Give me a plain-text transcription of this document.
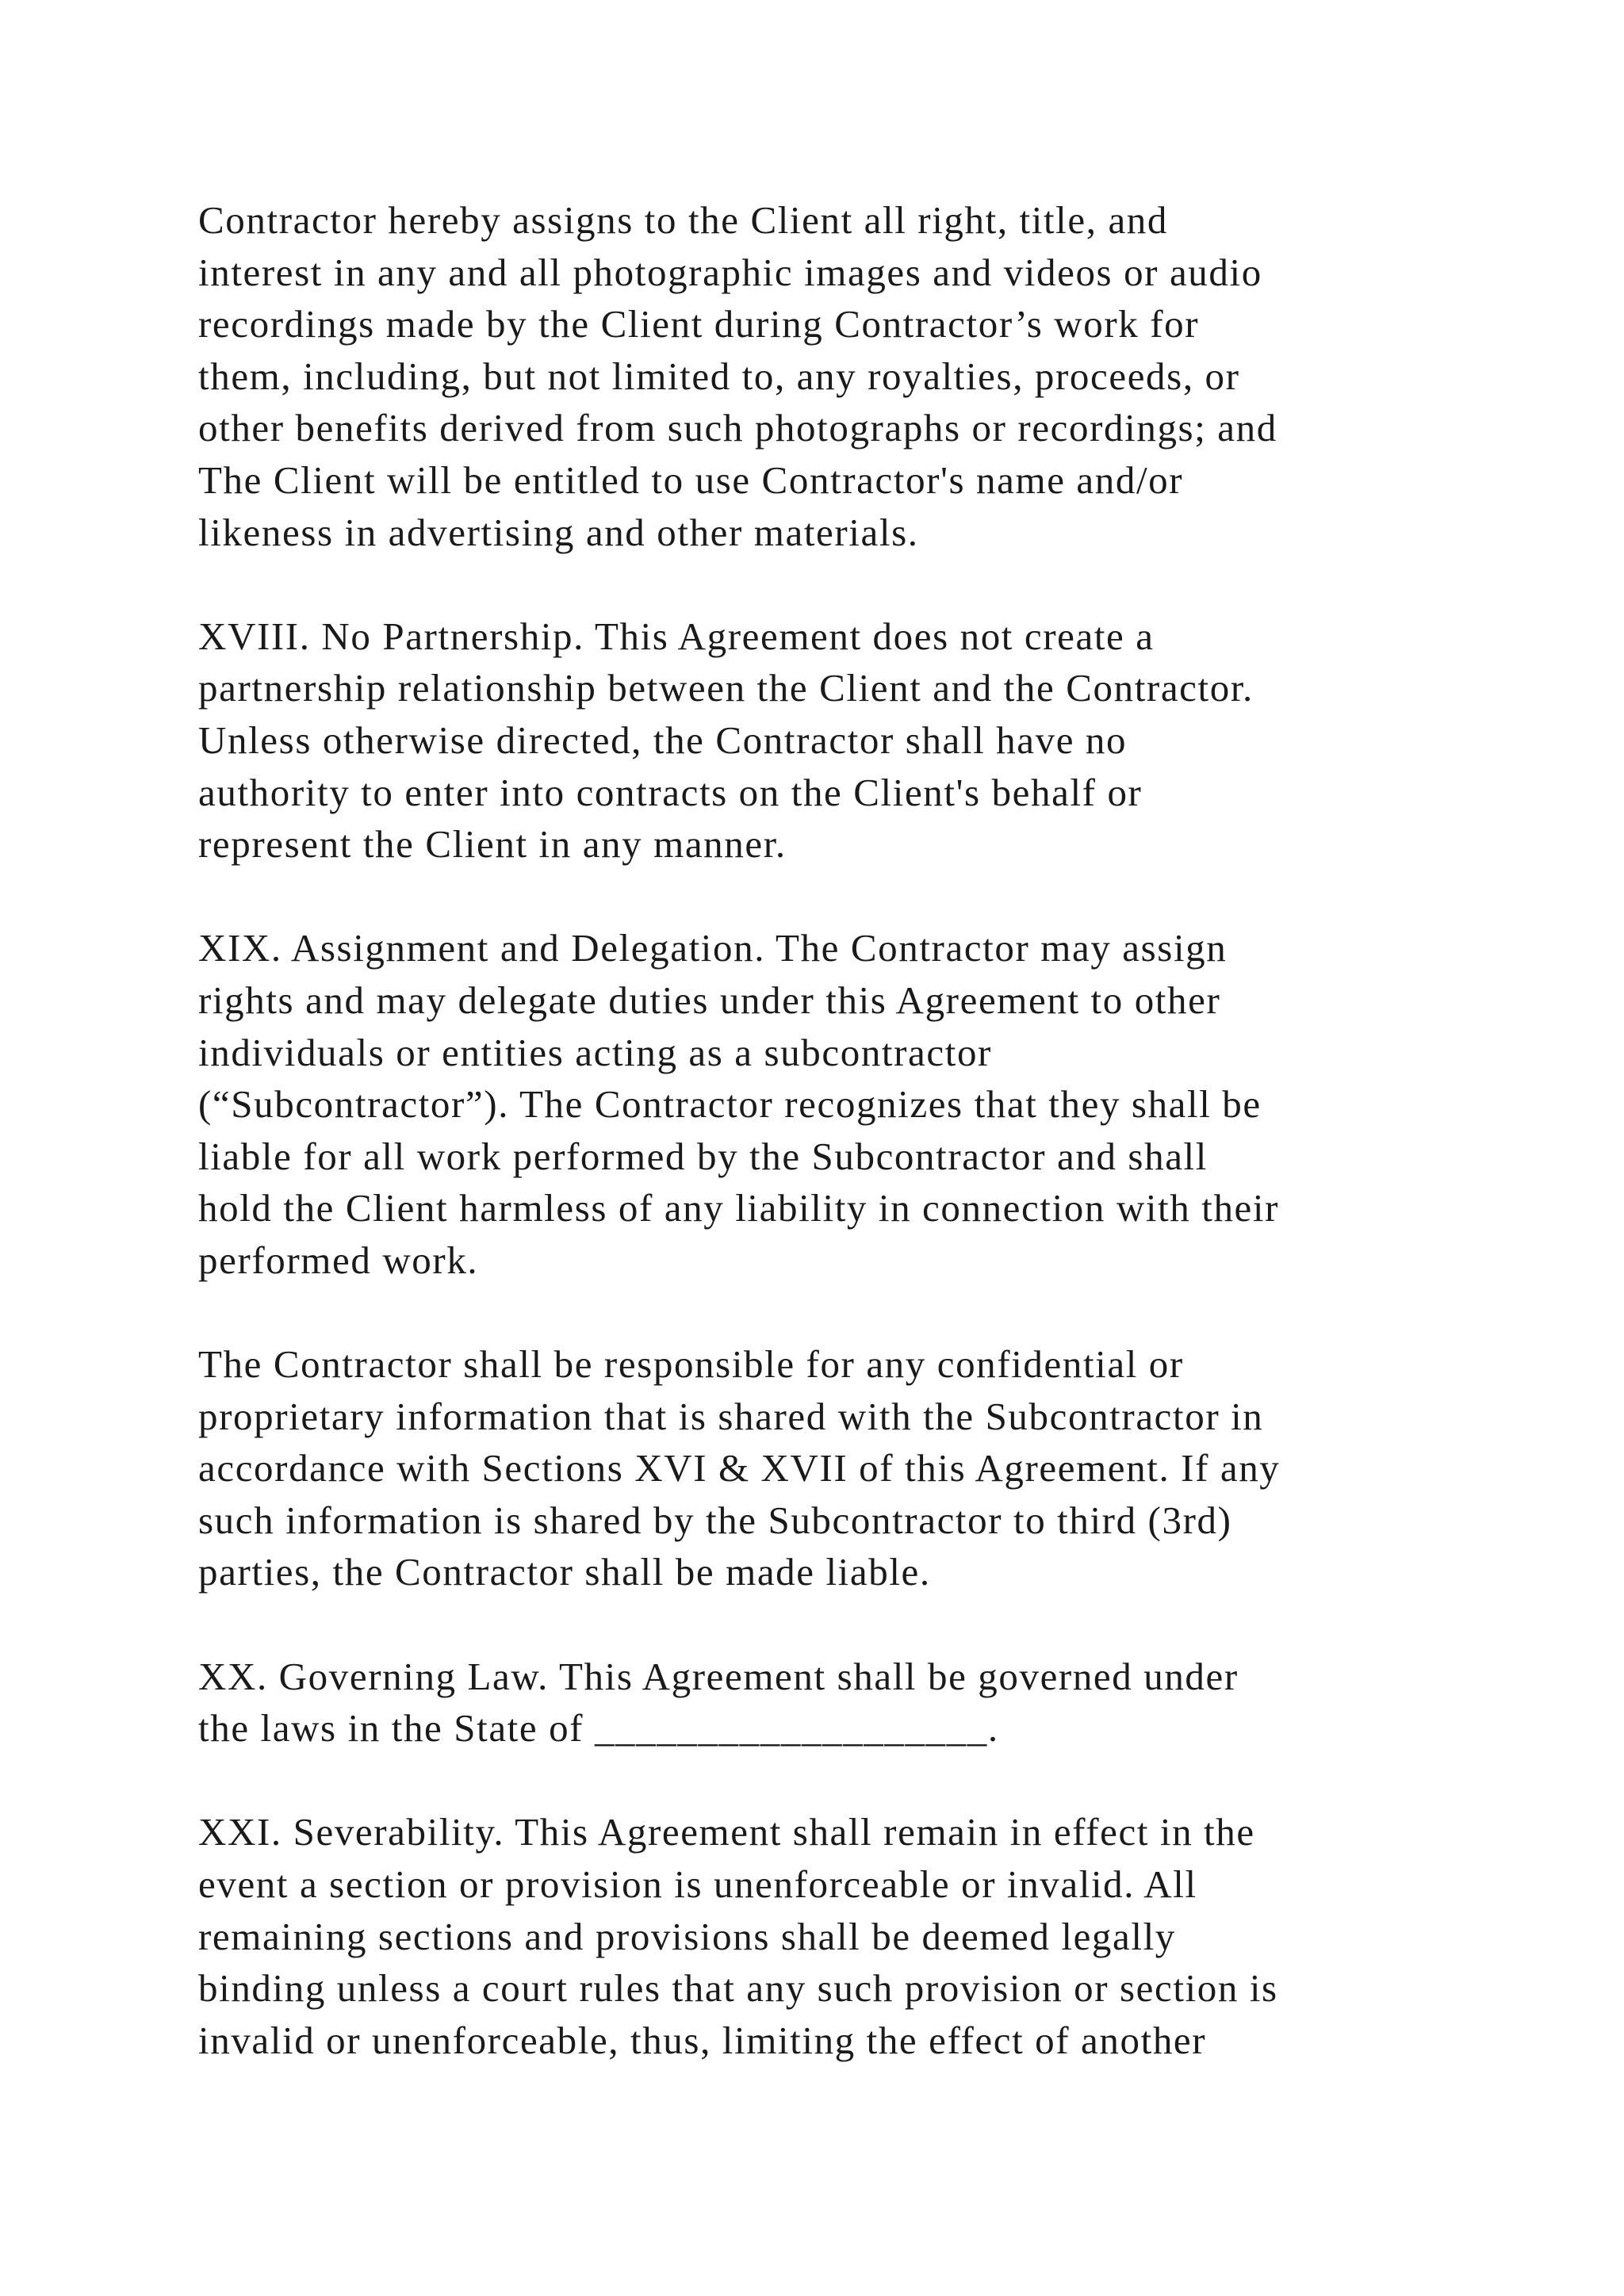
Contractor hereby assigns to the Client all right, title, and
interest in any and all photographic images and videos or audio
recordings made by the Client during Contractor’s work for
them, including, but not limited to, any royalties, proceeds, or
other benefits derived from such photographs or recordings; and
The Client will be entitled to use Contractor's name and/or
likeness in advertising and other materials.

XVIII. No Partnership. This Agreement does not create a
partnership relationship between the Client and the Contractor.
Unless otherwise directed, the Contractor shall have no
authority to enter into contracts on the Client's behalf or
represent the Client in any manner.

XIX. Assignment and Delegation. The Contractor may assign
rights and may delegate duties under this Agreement to other
individuals or entities acting as a subcontractor
(“Subcontractor”). The Contractor recognizes that they shall be
liable for all work performed by the Subcontractor and shall
hold the Client harmless of any liability in connection with their
performed work.

The Contractor shall be responsible for any confidential or
proprietary information that is shared with the Subcontractor in
accordance with Sections XVI & XVII of this Agreement. If any
such information is shared by the Subcontractor to third (3rd)
parties, the Contractor shall be made liable.

XX. Governing Law. This Agreement shall be governed under
the laws in the State of ___________________.

XXI. Severability. This Agreement shall remain in effect in the
event a section or provision is unenforceable or invalid. All
remaining sections and provisions shall be deemed legally
binding unless a court rules that any such provision or section is
invalid or unenforceable, thus, limiting the effect of another
